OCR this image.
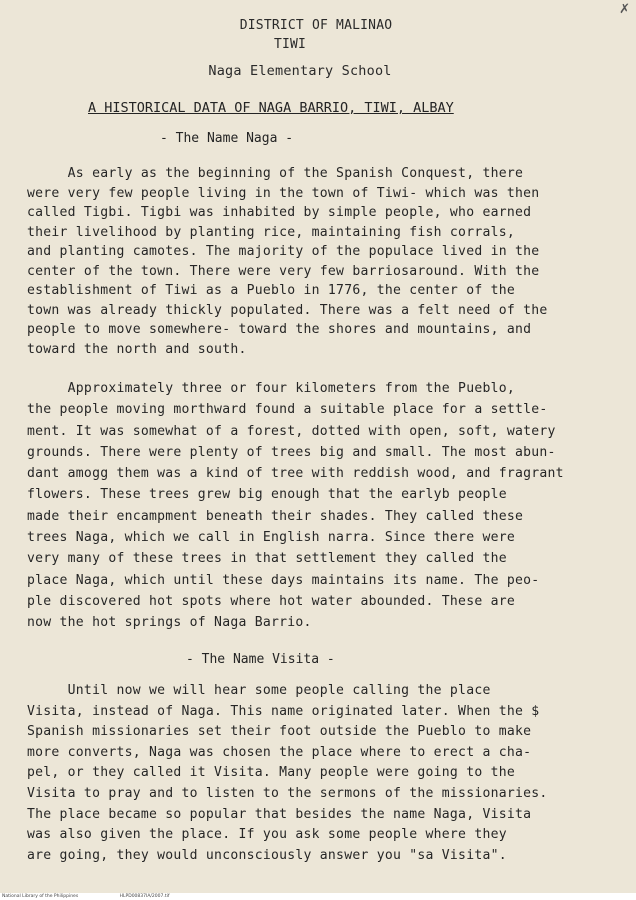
✗
DISTRICT OF MALINAO
TIWI
Naga Elementary School
A HISTORICAL DATA OF NAGA BARRIO, TIWI, ALBAY
- The Name Naga -
As early as the beginning of the Spanish Conquest, there
were very few people living in the town of Tiwi- which was then
called Tigbi. Tigbi was inhabited by simple people, who earned
their livelihood by planting rice, maintaining fish corrals,
and planting camotes. The majority of the populace lived in the
center of the town. There were very few barriosaround. With the
establishment of Tiwi as a Pueblo in 1776, the center of the
town was already thickly populated. There was a felt need of the
people to move somewhere- toward the shores and mountains, and
toward the north and south.
Approximately three or four kilometers from the Pueblo,
the people moving morthward found a suitable place for a settle-
ment. It was somewhat of a forest, dotted with open, soft, watery
grounds. There were plenty of trees big and small. The most abun-
dant amogg them was a kind of tree with reddish wood, and fragrant
flowers. These trees grew big enough that the earlyb people
made their encampment beneath their shades. They called these
trees Naga, which we call in English narra. Since there were
very many of these trees in that settlement they called the
place Naga, which until these days maintains its name. The peo-
ple discovered hot spots where hot water abounded. These are
now the hot springs of Naga Barrio.
- The Name Visita -
Until now we will hear some people calling the place
Visita, instead of Naga. This name originated later. When the $
Spanish missionaries set their foot outside the Pueblo to make
more converts, Naga was chosen the place where to erect a cha-
pel, or they called it Visita. Many people were going to the
Visita to pray and to listen to the sermons of the missionaries.
The place became so popular that besides the name Naga, Visita
was also given the place. If you ask some people where they
are going, they would unconsciously answer you "sa Visita".
National Library of the Philippines	HLPD00837IA/2007.tif
